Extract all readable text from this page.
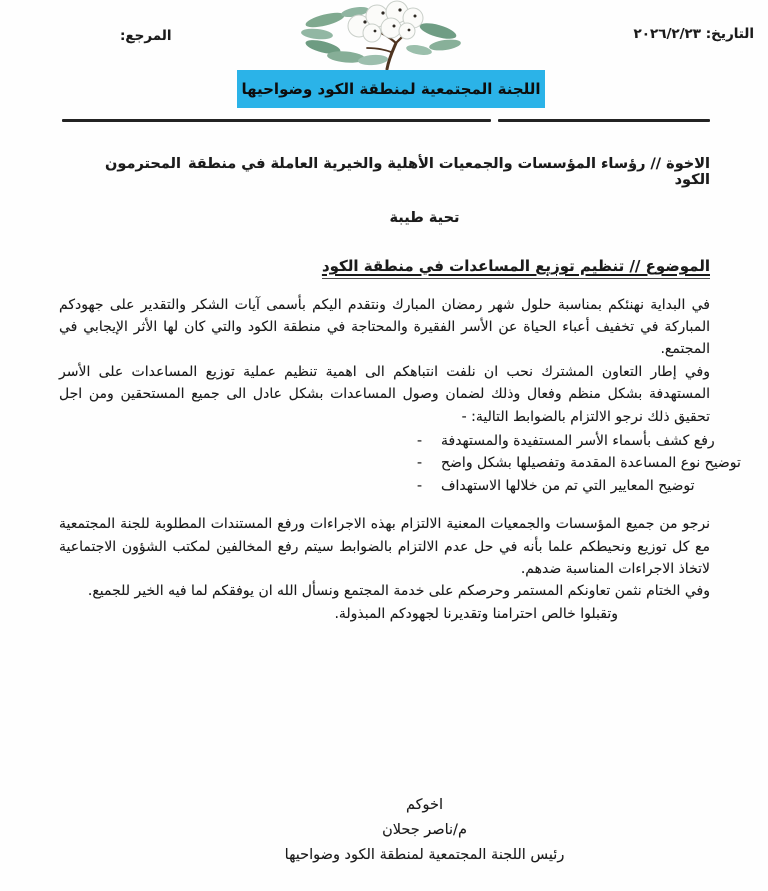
التاريخ: ٢٠٢٦/٢/٢٣
المرجع:
اللجنة المجتمعية لمنطقة الكود وضواحيها
الاخوة // رؤساء المؤسسات والجمعيات الأهلية والخيرية العاملة في منطقة الكود
المحترمون
تحية طيبة
الموضوع // تنظيم توزيع المساعدات في منطقة الكود

في البداية نهنئكم بمناسبة حلول شهر رمضان المبارك ونتقدم اليكم بأسمى آيات الشكر والتقدير على جهودكم المباركة في تخفيف أعباء الحياة عن الأسر الفقيرة والمحتاجة في منطقة الكود والتي كان لها الأثر الإيجابي في المجتمع.

وفي إطار التعاون المشترك نحب ان نلفت انتباهكم الى اهمية تنظيم عملية توزيع المساعدات على الأسر المستهدفة بشكل منظم وفعال وذلك لضمان وصول المساعدات بشكل عادل الى جميع المستحقين ومن اجل تحقيق ذلك نرجو الالتزام بالضوابط التالية: -

- رفع كشف بأسماء الأسر المستفيدة والمستهدفة
- توضيح نوع المساعدة المقدمة وتفصيلها بشكل واضح
- توضيح المعايير التي تم من خلالها الاستهداف

نرجو من جميع المؤسسات والجمعيات المعنية الالتزام بهذه الاجراءات ورفع المستندات المطلوبة للجنة المجتمعية مع كل توزيع ونحيطكم علما بأنه في حل عدم الالتزام بالضوابط سيتم رفع المخالفين لمكتب الشؤون الاجتماعية لاتخاذ الاجراءات المناسبة ضدهم.

وفي الختام نثمن تعاونكم المستمر وحرصكم على خدمة المجتمع ونسأل الله ان يوفقكم لما فيه الخير للجميع.

وتقبلوا خالص احترامنا وتقديرنا لجهودكم المبذولة.
اخوكم
م/ناصر جحلان
رئيس اللجنة المجتمعية لمنطقة الكود وضواحيها
